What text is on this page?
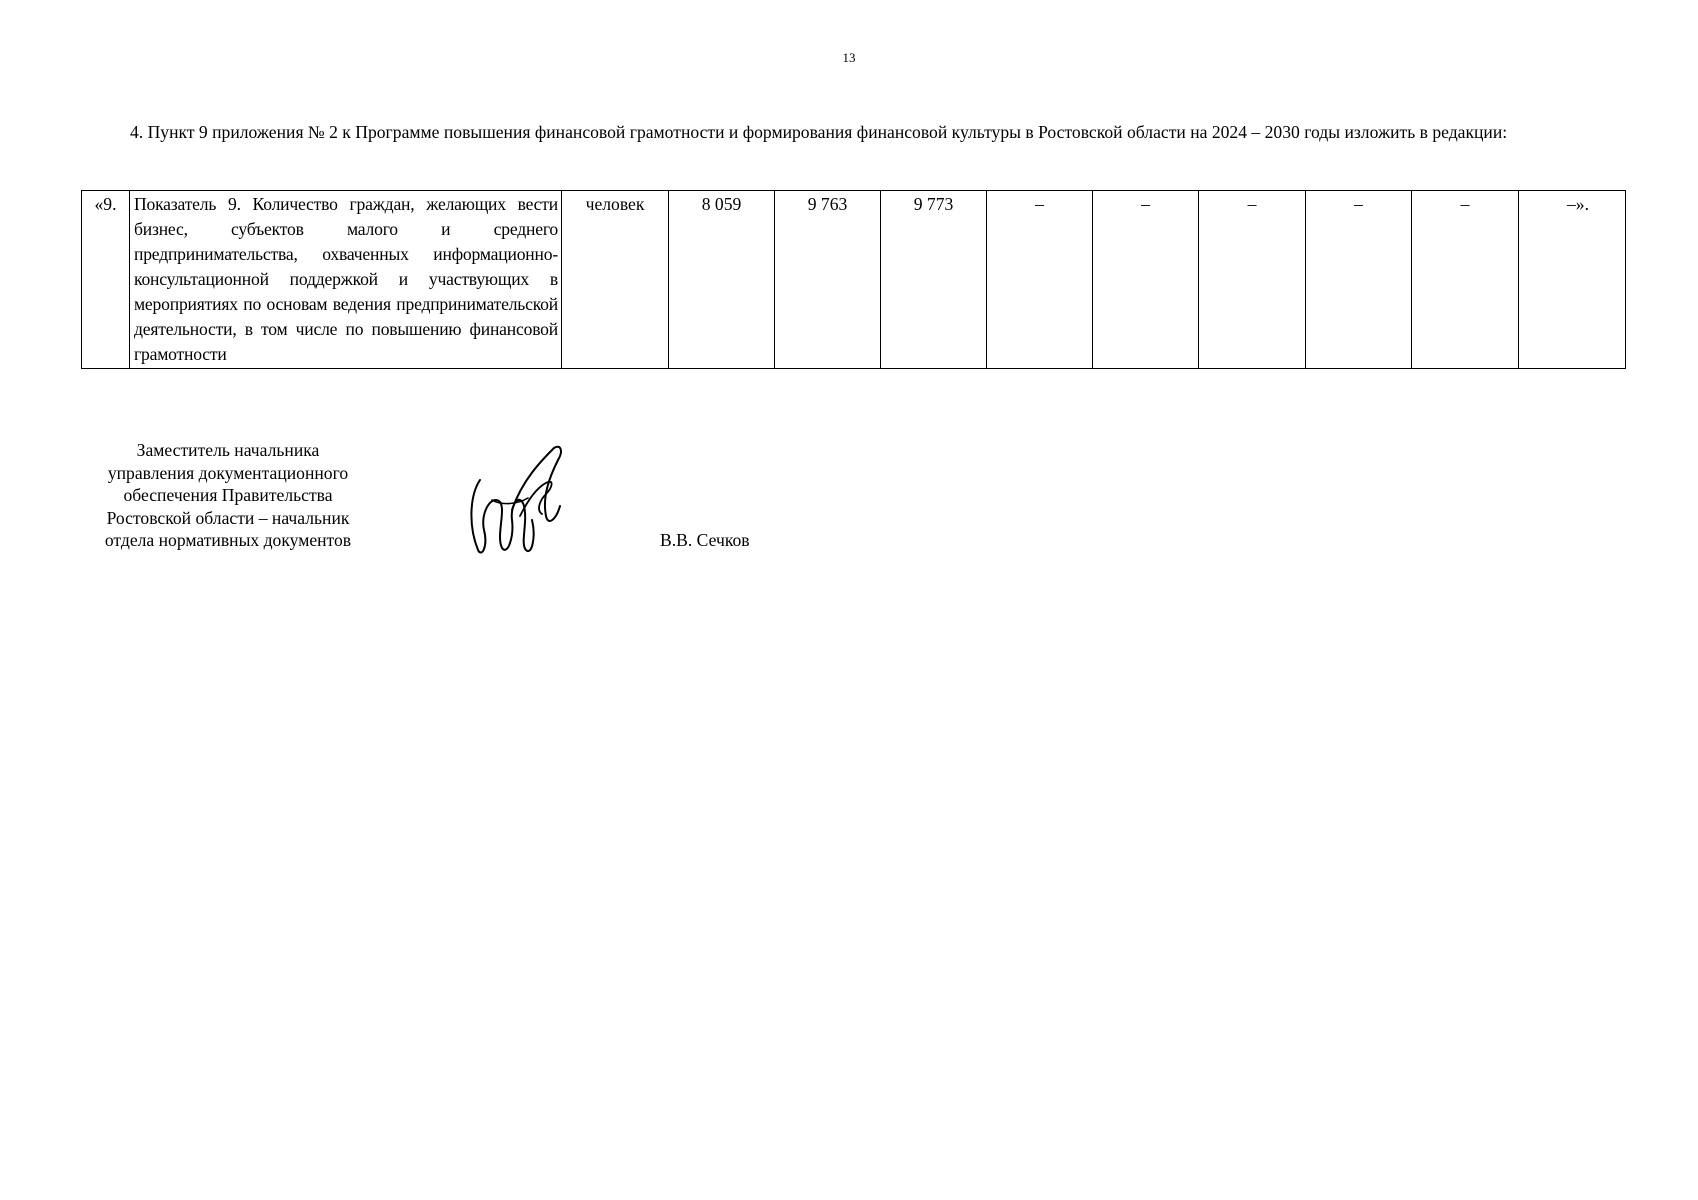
13
4. Пункт 9 приложения № 2 к Программе повышения финансовой грамотности и формирования финансовой культуры в Ростовской области на 2024 – 2030 годы изложить в редакции:
«9.	Показатель 9. Количество граждан, желающих вести бизнес, субъектов малого и среднего предпринимательства, охваченных информационно-консультационной поддержкой и участвующих в мероприятиях по основам ведения предпринимательской деятельности, в том числе по повышению финансовой грамотности	человек	8 059	9 763	9 773	–	–	–	–	–	–».
Заместитель начальника
управления документационного
обеспечения Правительства
Ростовской области – начальник
отдела нормативных документов	В.В. Сечков
